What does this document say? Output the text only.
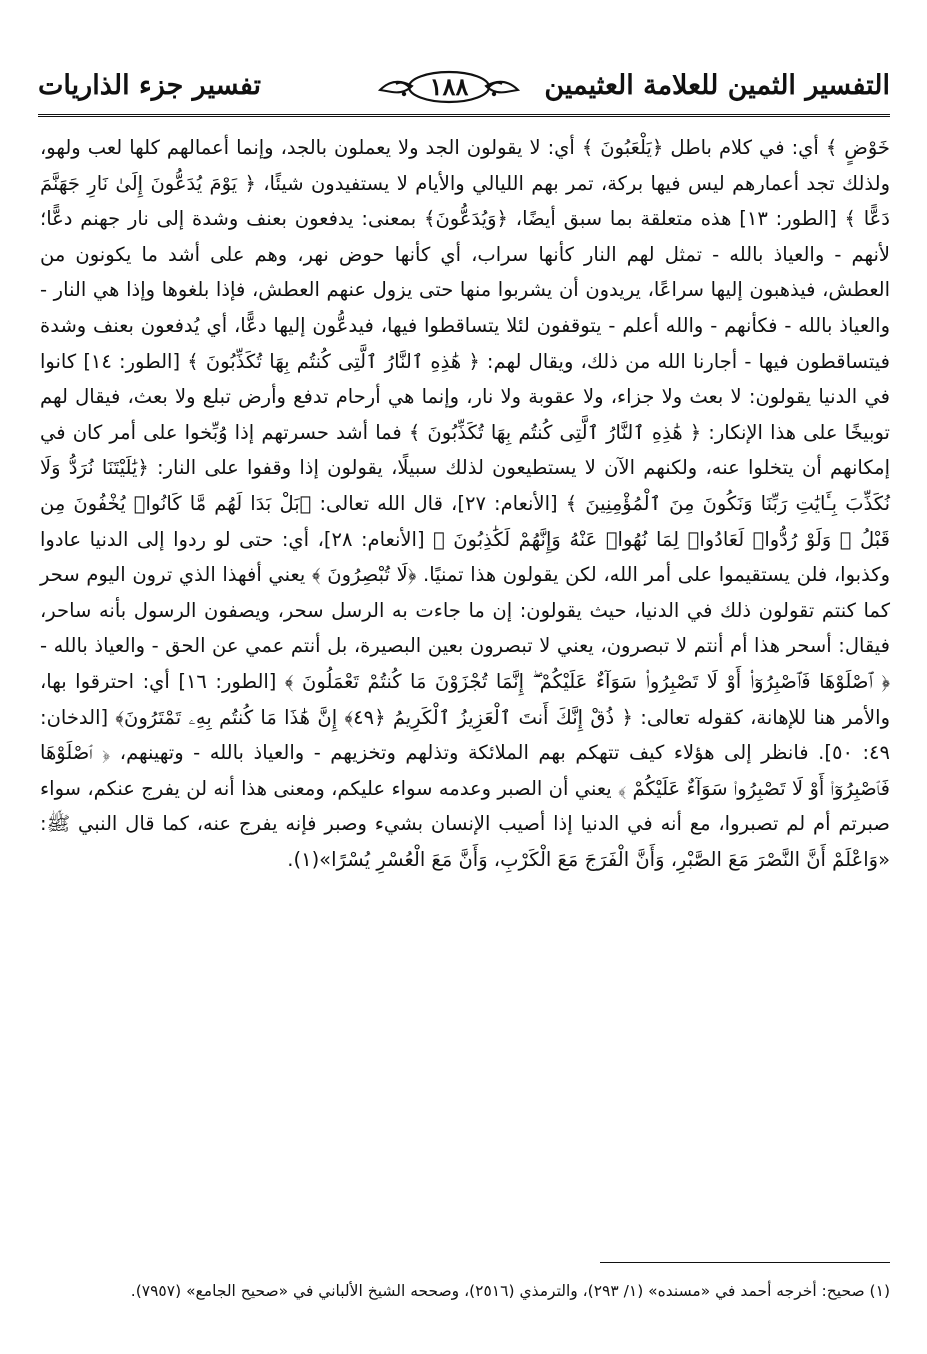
التفسير الثمين للعلامة العثيمين
١٨٨
تفسير جزء الذاريات

خَوْضٍ ﴾ أي: في كلام باطل ﴿يَلْعَبُونَ ﴾ أي: لا يقولون الجد ولا يعملون بالجد، وإنما أعمالهم كلها لعب ولهو، ولذلك تجد أعمارهم ليس فيها بركة، تمر بهم الليالي والأيام لا يستفيدون شيئًا، ﴿ يَوْمَ يُدَعُّونَ إِلَىٰ نَارِ جَهَنَّمَ دَعًّا ﴾ [الطور: ١٣] هذه متعلقة بما سبق أيضًا، ﴿وَيُدَعُّونَ﴾ بمعنى: يدفعون بعنف وشدة إلى نار جهنم دعًّا؛ لأنهم - والعياذ بالله - تمثل لهم النار كأنها سراب، أي كأنها حوض نهر، وهم على أشد ما يكونون من العطش، فيذهبون إليها سراعًا، يريدون أن يشربوا منها حتى يزول عنهم العطش، فإذا بلغوها وإذا هي النار - والعياذ بالله - فكأنهم - والله أعلم - يتوقفون لئلا يتساقطوا فيها، فيدعُّون إليها دعًّا، أي يُدفعون بعنف وشدة فيتساقطون فيها - أجارنا الله من ذلك، ويقال لهم: ﴿ هَٰذِهِ ٱلنَّارُ ٱلَّتِى كُنتُم بِهَا تُكَذِّبُونَ ﴾ [الطور: ١٤] كانوا في الدنيا يقولون: لا بعث ولا جزاء، ولا عقوبة ولا نار، وإنما هي أرحام تدفع وأرض تبلع ولا بعث، فيقال لهم توبيخًا على هذا الإنكار: ﴿ هَٰذِهِ ٱلنَّارُ ٱلَّتِى كُنتُم بِهَا تُكَذِّبُونَ ﴾ فما أشد حسرتهم إذا وُبِّخوا على أمر كان في إمكانهم أن يتخلوا عنه، ولكنهم الآن لا يستطيعون لذلك سبيلًا، يقولون إذا وقفوا على النار: ﴿يَٰلَيْتَنَا نُرَدُّ وَلَا نُكَذِّبَ بِـَٔايَٰتِ رَبِّنَا وَنَكُونَ مِنَ ٱلْمُؤْمِنِينَ ﴾ [الأنعام: ٢٧]، قال الله تعالى: ﴿بَلْ بَدَا لَهُم مَّا كَانُوا۟ يُخْفُونَ مِن قَبْلُ ۖ وَلَوْ رُدُّوا۟ لَعَادُوا۟ لِمَا نُهُوا۟ عَنْهُ وَإِنَّهُمْ لَكَٰذِبُونَ ﴾ [الأنعام: ٢٨]، أي: حتى لو ردوا إلى الدنيا عادوا وكذبوا، فلن يستقيموا على أمر الله، لكن يقولون هذا تمنيًا. ﴿لَا تُبْصِرُونَ ﴾ يعني أفهذا الذي ترون اليوم سحر كما كنتم تقولون ذلك في الدنيا، حيث يقولون: إن ما جاءت به الرسل سحر، ويصفون الرسول بأنه ساحر، فيقال: أسحر هذا أم أنتم لا تبصرون، يعني لا تبصرون بعين البصيرة، بل أنتم عمي عن الحق - والعياذ بالله - ﴿ ٱصْلَوْهَا فَٱصْبِرُوٓا۟ أَوْ لَا تَصْبِرُوا۟ سَوَآءٌ عَلَيْكُمْ ۖ إِنَّمَا تُجْزَوْنَ مَا كُنتُمْ تَعْمَلُونَ ﴾ [الطور: ١٦] أي: احترقوا بها، والأمر هنا للإهانة، كقوله تعالى: ﴿ ذُقْ إِنَّكَ أَنتَ ٱلْعَزِيزُ ٱلْكَرِيمُ ﴿٤٩﴾ إِنَّ هَٰذَا مَا كُنتُم بِهِۦ تَمْتَرُونَ﴾ [الدخان: ٤٩: ٥٠]. فانظر إلى هؤلاء كيف تتهكم بهم الملائكة وتذلهم وتخزيهم - والعياذ بالله - وتهينهم، ﴿ ٱصْلَوْهَا فَٱصْبِرُوٓا۟ أَوْ لَا تَصْبِرُوا۟ سَوَآءٌ عَلَيْكُمْ ﴾ يعني أن الصبر وعدمه سواء عليكم، ومعنى هذا أنه لن يفرج عنكم، سواء صبرتم أم لم تصبروا، مع أنه في الدنيا إذا أصيب الإنسان بشيء وصبر فإنه يفرج عنه، كما قال النبي ﷺ: «وَاعْلَمْ أَنَّ النَّصْرَ مَعَ الصَّبْرِ، وَأَنَّ الْفَرَجَ مَعَ الْكَرْبِ، وَأَنَّ مَعَ الْعُسْرِ يُسْرًا»(١).

(١) صحيح: أخرجه أحمد في «مسنده» (١/ ٢٩٣)، والترمذي (٢٥١٦)، وصححه الشيخ الألباني في «صحيح الجامع» (٧٩٥٧).
